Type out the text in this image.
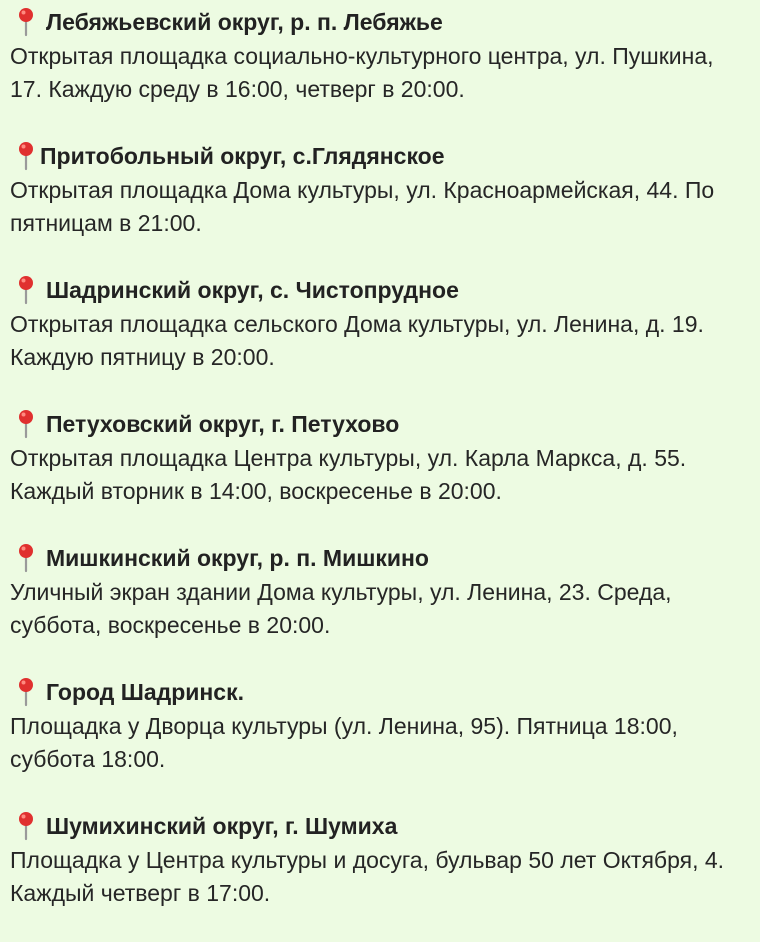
Лебяжьевский округ, р. п. Лебяжье
Открытая площадка социально-культурного центра, ул. Пушкина, 17. Каждую среду в 16:00, четверг в 20:00.
Притобольный округ, с.Глядянское
Открытая площадка Дома культуры, ул. Красноармейская, 44. По пятницам в 21:00.
Шадринский округ, с. Чистопрудное
Открытая площадка сельского Дома культуры, ул. Ленина, д. 19. Каждую пятницу в 20:00.
Петуховский округ, г. Петухово
Открытая площадка Центра культуры, ул. Карла Маркса, д. 55. Каждый вторник в 14:00, воскресенье в 20:00.
Мишкинский округ, р. п. Мишкино
Уличный экран здании Дома культуры, ул. Ленина, 23. Среда, суббота, воскресенье в 20:00.
Город Шадринск.
Площадка у Дворца культуры (ул. Ленина, 95). Пятница 18:00, суббота 18:00.
Шумихинский округ, г. Шумиха
Площадка у Центра культуры и досуга, бульвар 50 лет Октября, 4. Каждый четверг в 17:00.
